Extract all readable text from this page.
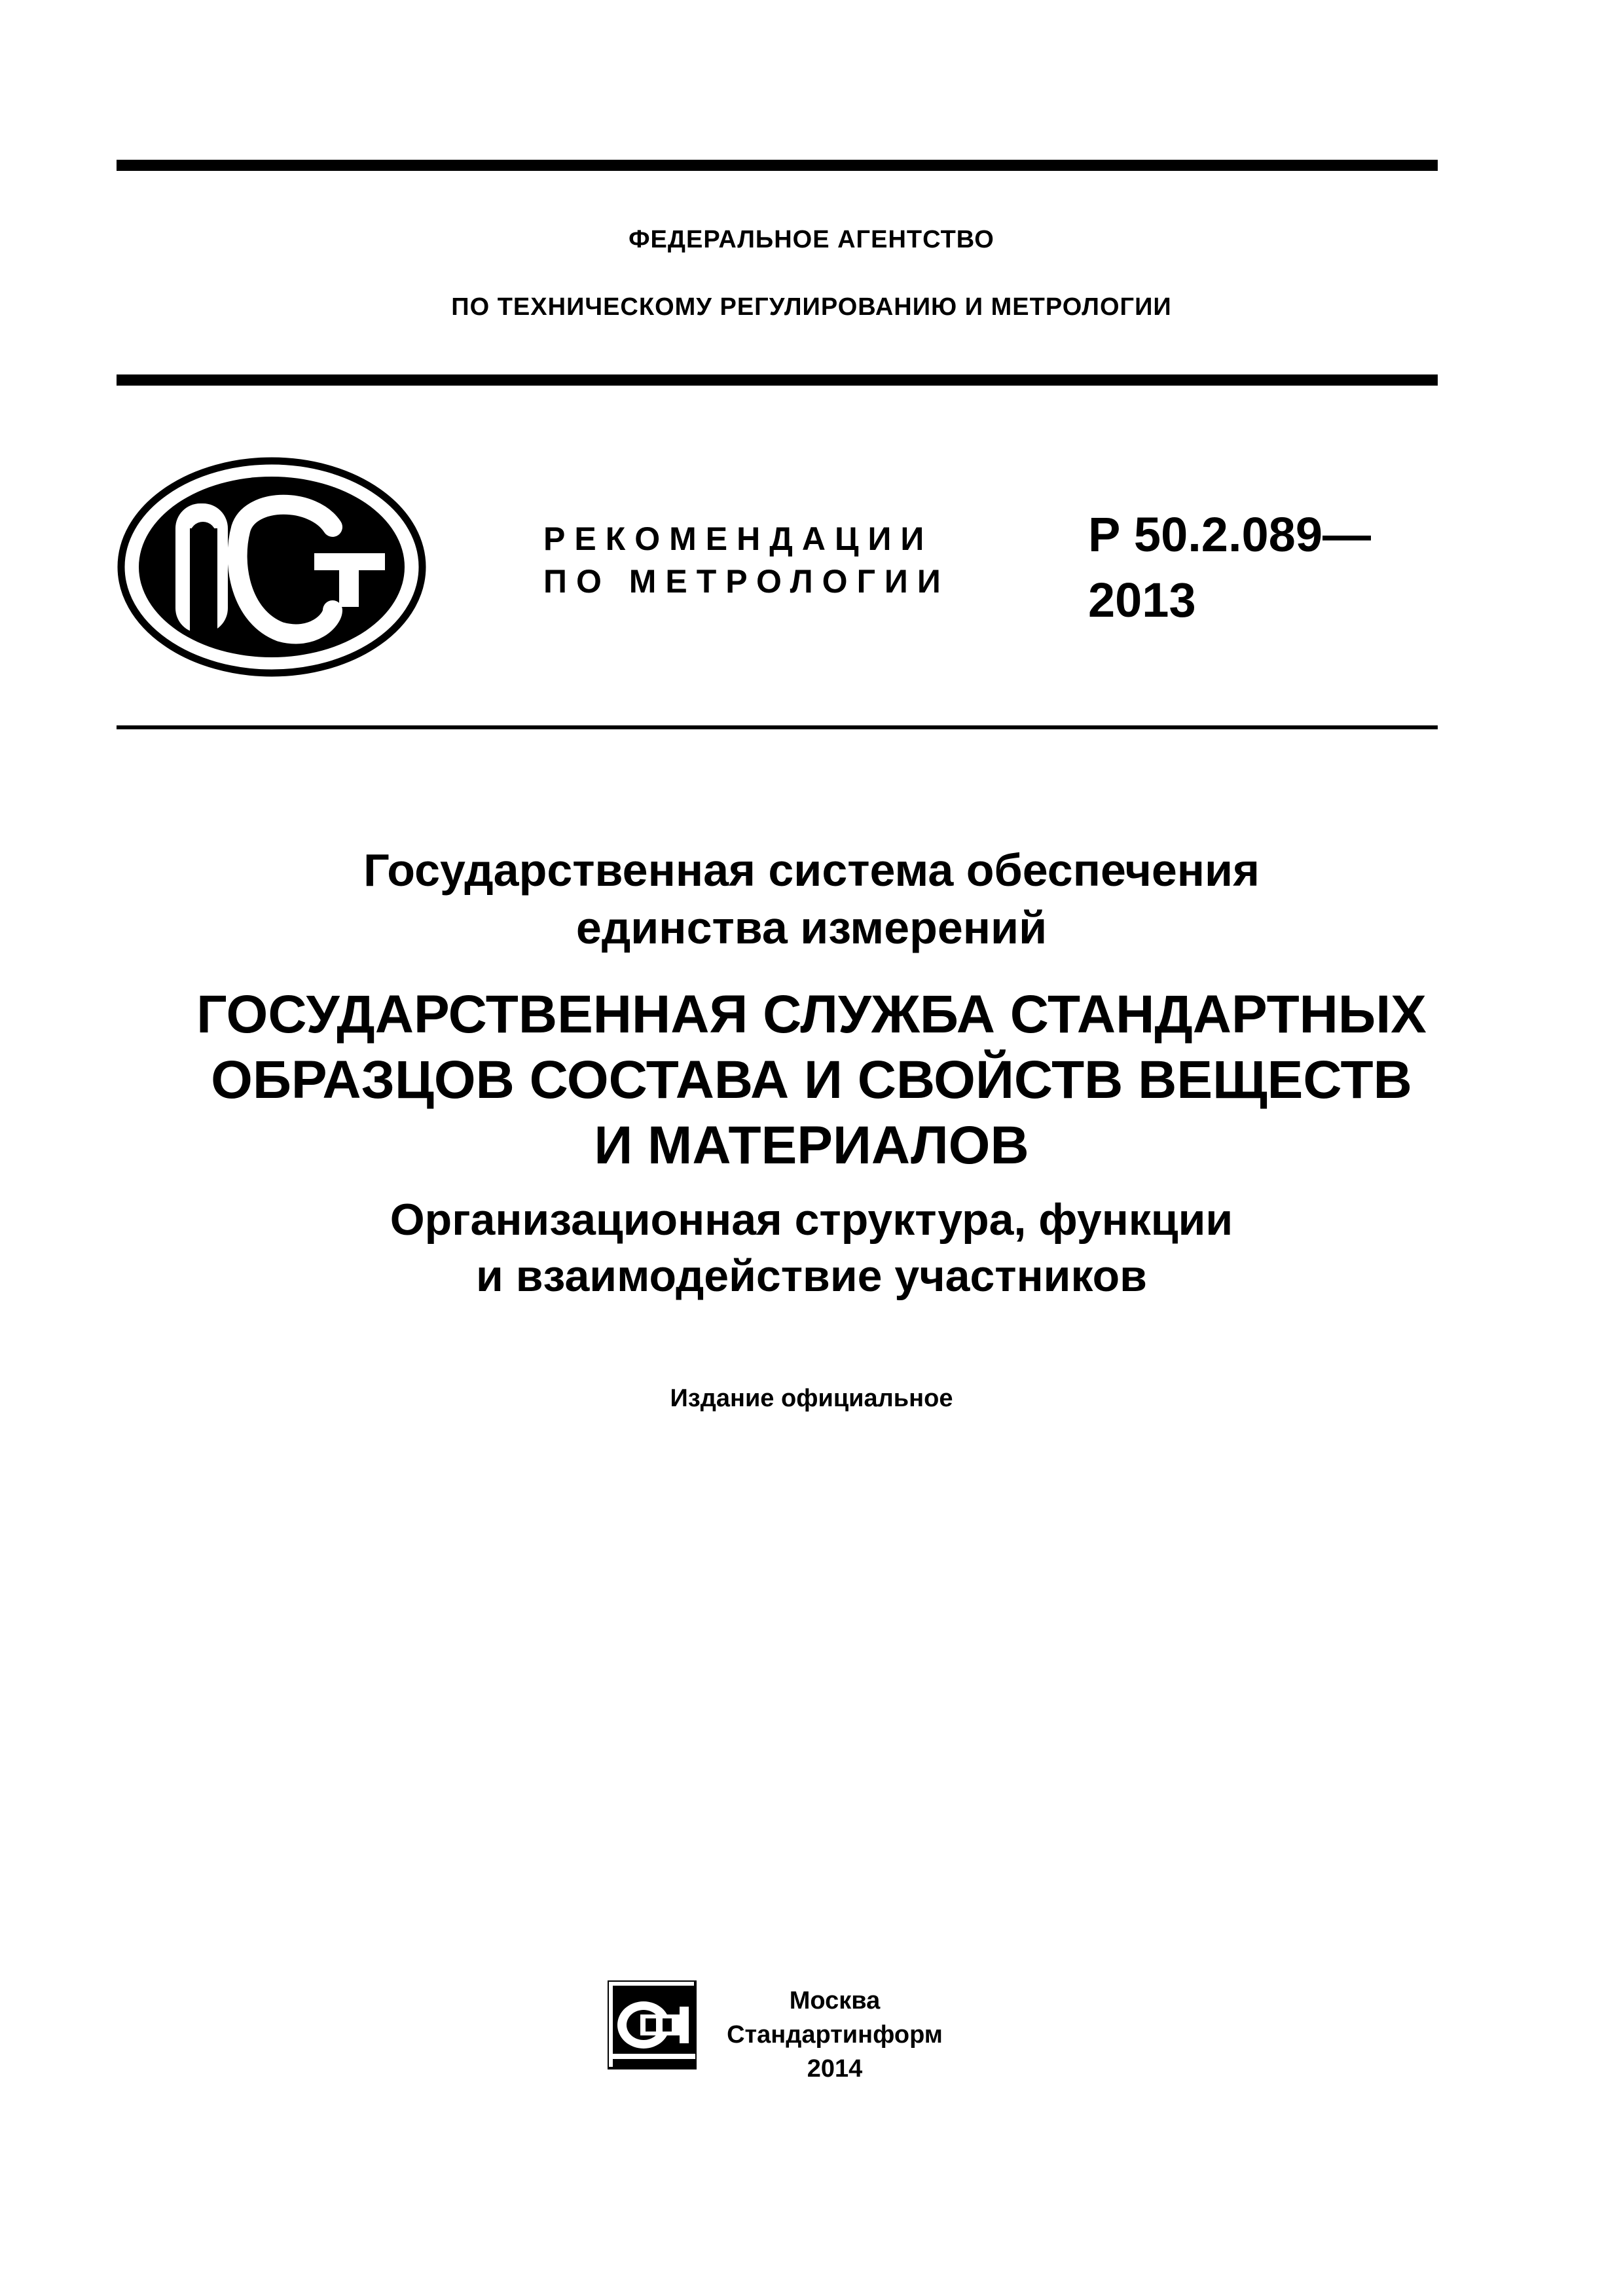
ФЕДЕРАЛЬНОЕ АГЕНТСТВО
ПО ТЕХНИЧЕСКОМУ РЕГУЛИРОВАНИЮ И МЕТРОЛОГИИ
РЕКОМЕНДАЦИИ
ПО МЕТРОЛОГИИ
Р 50.2.089—
2013
Государственная система обеспечения
единства измерений
ГОСУДАРСТВЕННАЯ СЛУЖБА СТАНДАРТНЫХ
ОБРАЗЦОВ СОСТАВА И СВОЙСТВ ВЕЩЕСТВ
И МАТЕРИАЛОВ
Организационная структура, функции
и взаимодействие участников
Издание официальное
Москва
Стандартинформ
2014
